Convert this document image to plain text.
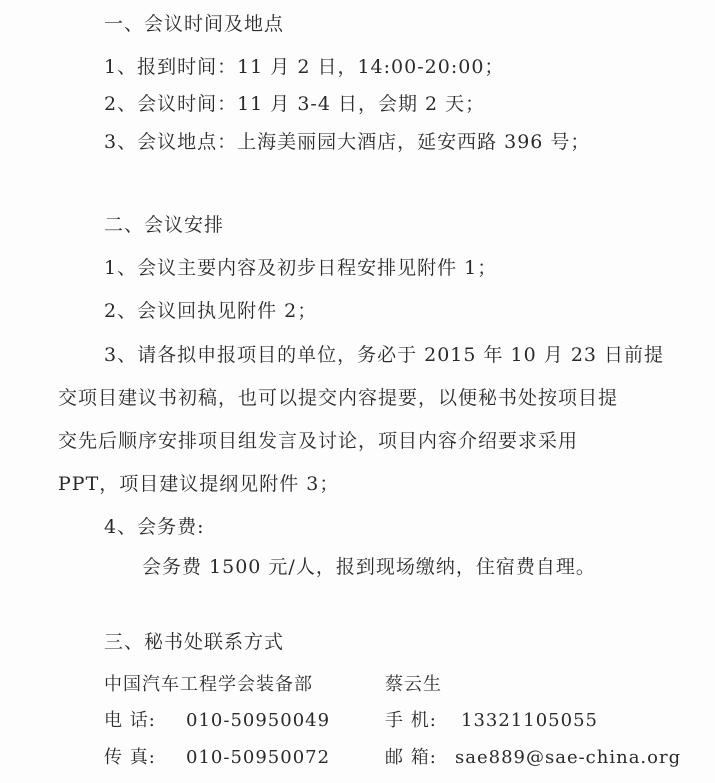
一、会议时间及地点
1、报到时间：11 月 2 日，14:00-20:00；
2、会议时间：11 月 3-4 日，会期 2 天；
3、会议地点：上海美丽园大酒店，延安西路 396 号；
二、会议安排
1、会议主要内容及初步日程安排见附件 1；
2、会议回执见附件 2；
3、请各拟申报项目的单位，务必于 2015 年 10 月 23 日前提
交项目建议书初稿，也可以提交内容提要，以便秘书处按项目提
交先后顺序安排项目组发言及讨论，项目内容介绍要求采用
PPT，项目建议提纲见附件 3；
4、会务费:
会务费 1500 元/人，报到现场缴纳，住宿费自理。
三、秘书处联系方式
中国汽车工程学会装备部	蔡云生
电 话: 010-50950049	手 机: 13321105055
传 真: 010-50950072	邮 箱: sae889@sae-china.org
